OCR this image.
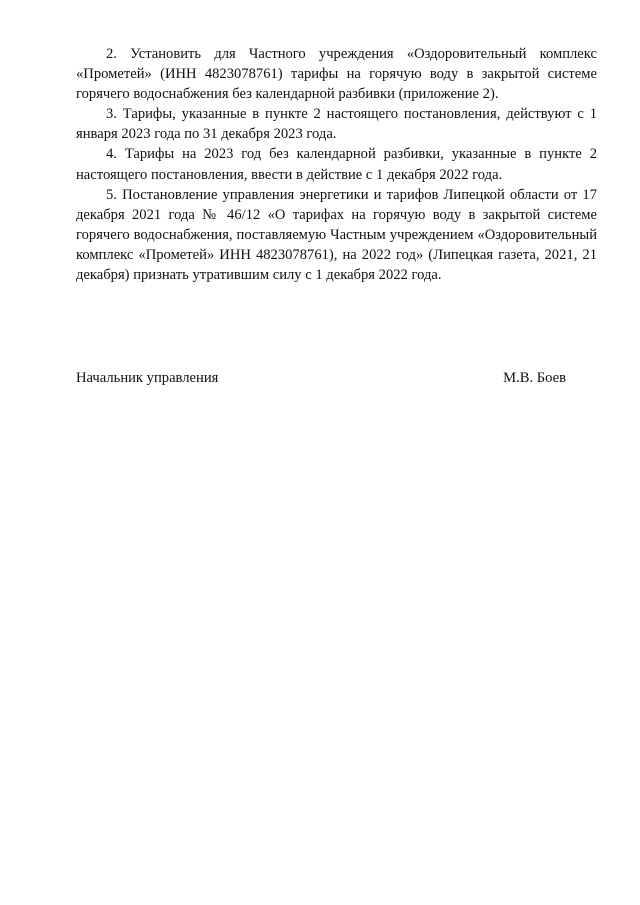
2. Установить для Частного учреждения «Оздоровительный комплекс «Прометей» (ИНН 4823078761) тарифы на горячую воду в закрытой системе горячего водоснабжения без календарной разбивки (приложение 2).

3. Тарифы, указанные в пункте 2 настоящего постановления, действуют с 1 января 2023 года по 31 декабря 2023 года.

4. Тарифы на 2023 год без календарной разбивки, указанные в пункте 2 настоящего постановления, ввести в действие с 1 декабря 2022 года.

5. Постановление управления энергетики и тарифов Липецкой области от 17 декабря 2021 года № 46/12 «О тарифах на горячую воду в закрытой системе горячего водоснабжения, поставляемую Частным учреждением «Оздоровительный комплекс «Прометей» ИНН 4823078761), на 2022 год» (Липецкая газета, 2021, 21 декабря) признать утратившим силу с 1 декабря 2022 года.

Начальник управления	М.В. Боев
